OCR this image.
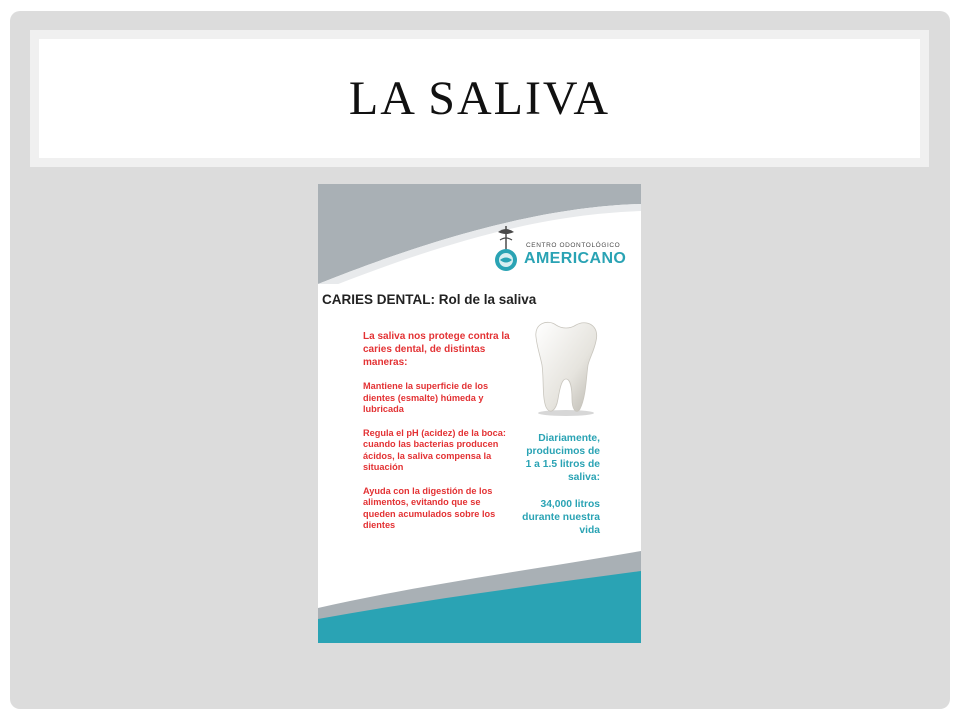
LA SALIVA
CENTRO ODONTOLÓGICO
AMERICANO
CARIES DENTAL: Rol de la saliva

La saliva nos protege contra la caries dental, de distintas maneras:

Mantiene la superficie de los dientes (esmalte) húmeda y lubricada

Regula el pH (acidez) de la boca: cuando las bacterias producen ácidos, la saliva compensa la situación

Ayuda con la digestión de los alimentos, evitando que se queden acumulados sobre los dientes

Diariamente, producimos de 1 a 1.5 litros de saliva:

34,000 litros durante nuestra vida
